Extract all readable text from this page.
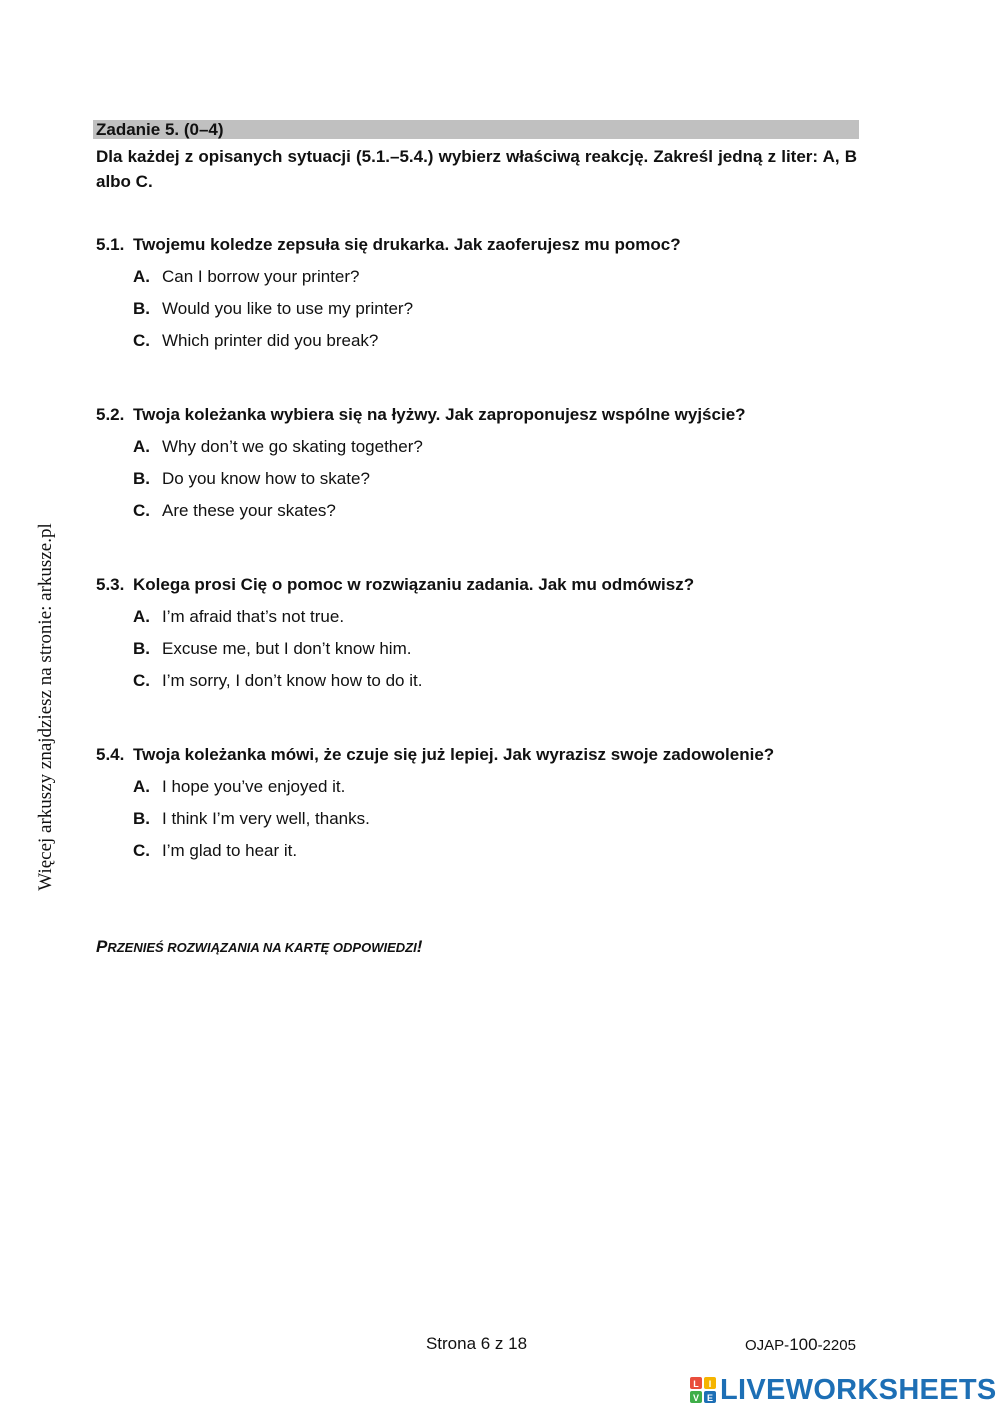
Zadanie 5. (0–4)
Dla każdej z opisanych sytuacji (5.1.–5.4.) wybierz właściwą reakcję. Zakreśl jedną z liter: A, B albo C.
5.1. Twojemu koledze zepsuła się drukarka. Jak zaoferujesz mu pomoc?
A. Can I borrow your printer?
B. Would you like to use my printer?
C. Which printer did you break?
5.2. Twoja koleżanka wybiera się na łyżwy. Jak zaproponujesz wspólne wyjście?
A. Why don’t we go skating together?
B. Do you know how to skate?
C. Are these your skates?
5.3. Kolega prosi Cię o pomoc w rozwiązaniu zadania. Jak mu odmówisz?
A. I’m afraid that’s not true.
B. Excuse me, but I don’t know him.
C. I’m sorry, I don’t know how to do it.
5.4. Twoja koleżanka mówi, że czuje się już lepiej. Jak wyrazisz swoje zadowolenie?
A. I hope you’ve enjoyed it.
B. I think I’m very well, thanks.
C. I’m glad to hear it.
PRZENIEŚ ROZWIĄZANIA NA KARTĘ ODPOWIEDZI!
Więcej arkuszy znajdziesz na stronie: arkusze.pl
Strona 6 z 18	OJAP-100-2205
L I
V E LIVEWORKSHEETS
